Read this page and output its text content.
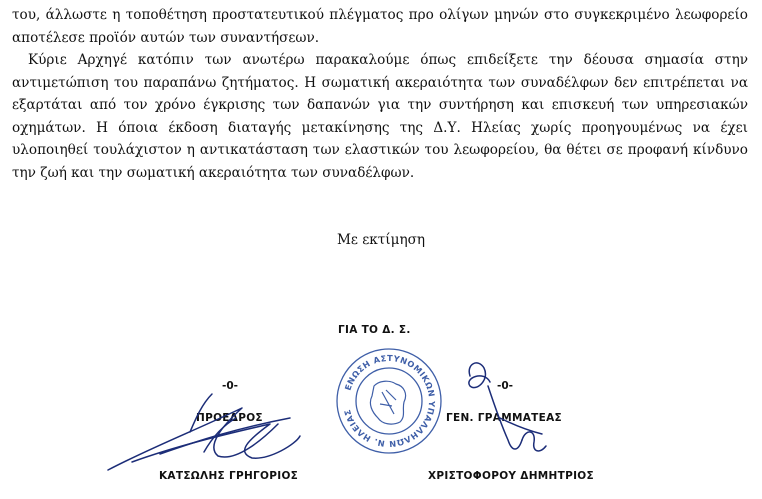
του, άλλωστε η τοποθέτηση προστατευτικού πλέγματος προ ολίγων μηνών στο συγκεκριμένο λεωφορείο αποτέλεσε προϊόν αυτών των συναντήσεων.

Κύριε Αρχηγέ κατόπιν των ανωτέρω παρακαλούμε όπως επιδείξετε την δέουσα σημασία στην αντιμετώπιση του παραπάνω ζητήματος. Η σωματική ακεραιότητα των συναδέλφων δεν επιτρέπεται να εξαρτάται από τον χρόνο έγκρισης των δαπανών για την συντήρηση και επισκευή των υπηρεσιακών οχημάτων. Η όποια έκδοση διαταγής μετακίνησης της Δ.Υ. Ηλείας χωρίς προηγουμένως να έχει υλοποιηθεί τουλάχιστον η αντικατάσταση των ελαστικών του λεωφορείου, θα θέτει σε προφανή κίνδυνο την ζωή και την σωματική ακεραιότητα των συναδέλφων.

Με εκτίμηση
ΓΙΑ ΤΟ Δ. Σ.
-0-
ΠΡΟΕΔΡΟΣ
ΚΑΤΣΩΛΗΣ ΓΡΗΓΟΡΙΟΣ
-0-
ΓΕΝ. ΓΡΑΜΜΑΤΕΑΣ
ΧΡΙΣΤΟΦΟΡΟΥ ΔΗΜΗΤΡΙΟΣ
ΕΝΩΣΗ ΑΣΤΥΝΟΜΙΚΩΝ ΥΠΑΛΛΗΛΩΝ Ν. ΗΛΕΙΑΣ
